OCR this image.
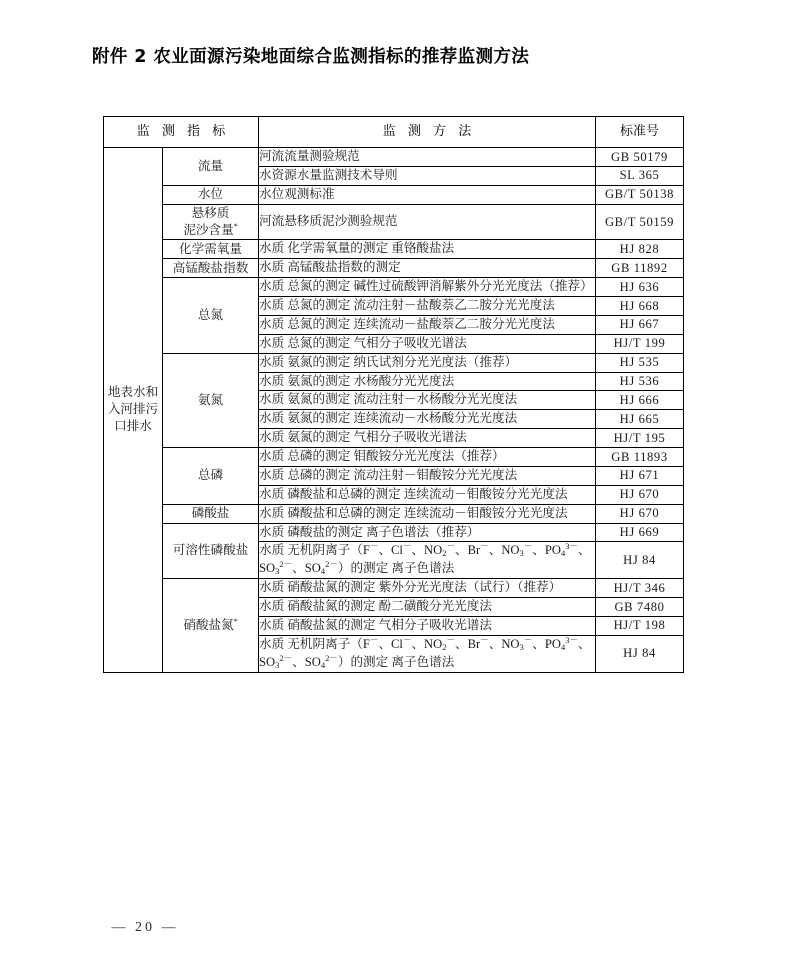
附件 2 农业面源污染地面综合监测指标的推荐监测方法
监 测 指 标		监 测 方 法	标准号
地表水和
入河排污
口排水	流量	河流流量测验规范	GB 50179
		水资源水量监测技术导则	SL 365
	水位	水位观测标准	GB/T 50138
	悬移质
泥沙含量*	河流悬移质泥沙测验规范	GB/T 50159
	化学需氧量	水质 化学需氧量的测定 重铬酸盐法	HJ 828
	高锰酸盐指数	水质 高锰酸盐指数的测定	GB 11892
	总氮	水质 总氮的测定 碱性过硫酸钾消解紫外分光光度法（推荐）	HJ 636
		水质 总氮的测定 流动注射－盐酸萘乙二胺分光光度法	HJ 668
		水质 总氮的测定 连续流动－盐酸萘乙二胺分光光度法	HJ 667
		水质 总氮的测定 气相分子吸收光谱法	HJ/T 199
	氨氮	水质 氨氮的测定 纳氏试剂分光光度法（推荐）	HJ 535
		水质 氨氮的测定 水杨酸分光光度法	HJ 536
		水质 氨氮的测定 流动注射－水杨酸分光光度法	HJ 666
		水质 氨氮的测定 连续流动－水杨酸分光光度法	HJ 665
		水质 氨氮的测定 气相分子吸收光谱法	HJ/T 195
	总磷	水质 总磷的测定 钼酸铵分光光度法（推荐）	GB 11893
		水质 总磷的测定 流动注射－钼酸铵分光光度法	HJ 671
		水质 磷酸盐和总磷的测定 连续流动－钼酸铵分光光度法	HJ 670
	磷酸盐	水质 磷酸盐和总磷的测定 连续流动－钼酸铵分光光度法	HJ 670
	可溶性磷酸盐	水质 磷酸盐的测定 离子色谱法（推荐）	HJ 669
		水质 无机阴离子（F－、Cl－、$NO_2^-$、Br－、$NO_3^-$、$PO_4^{3-}$、$SO_3^{2-}$、$SO_4^{2-}$）的测定 离子色谱法	HJ 84
	硝酸盐氮*	水质 硝酸盐氮的测定 紫外分光光度法（试行）（推荐）	HJ/T 346
		水质 硝酸盐氮的测定 酚二磺酸分光光度法	GB 7480
		水质 硝酸盐氮的测定 气相分子吸收光谱法	HJ/T 198
		水质 无机阴离子（F－、Cl－、$NO_2^-$、Br－、$NO_3^-$、$PO_4^{3-}$、$SO_3^{2-}$、$SO_4^{2-}$）的测定 离子色谱法	HJ 84
— 20 —
